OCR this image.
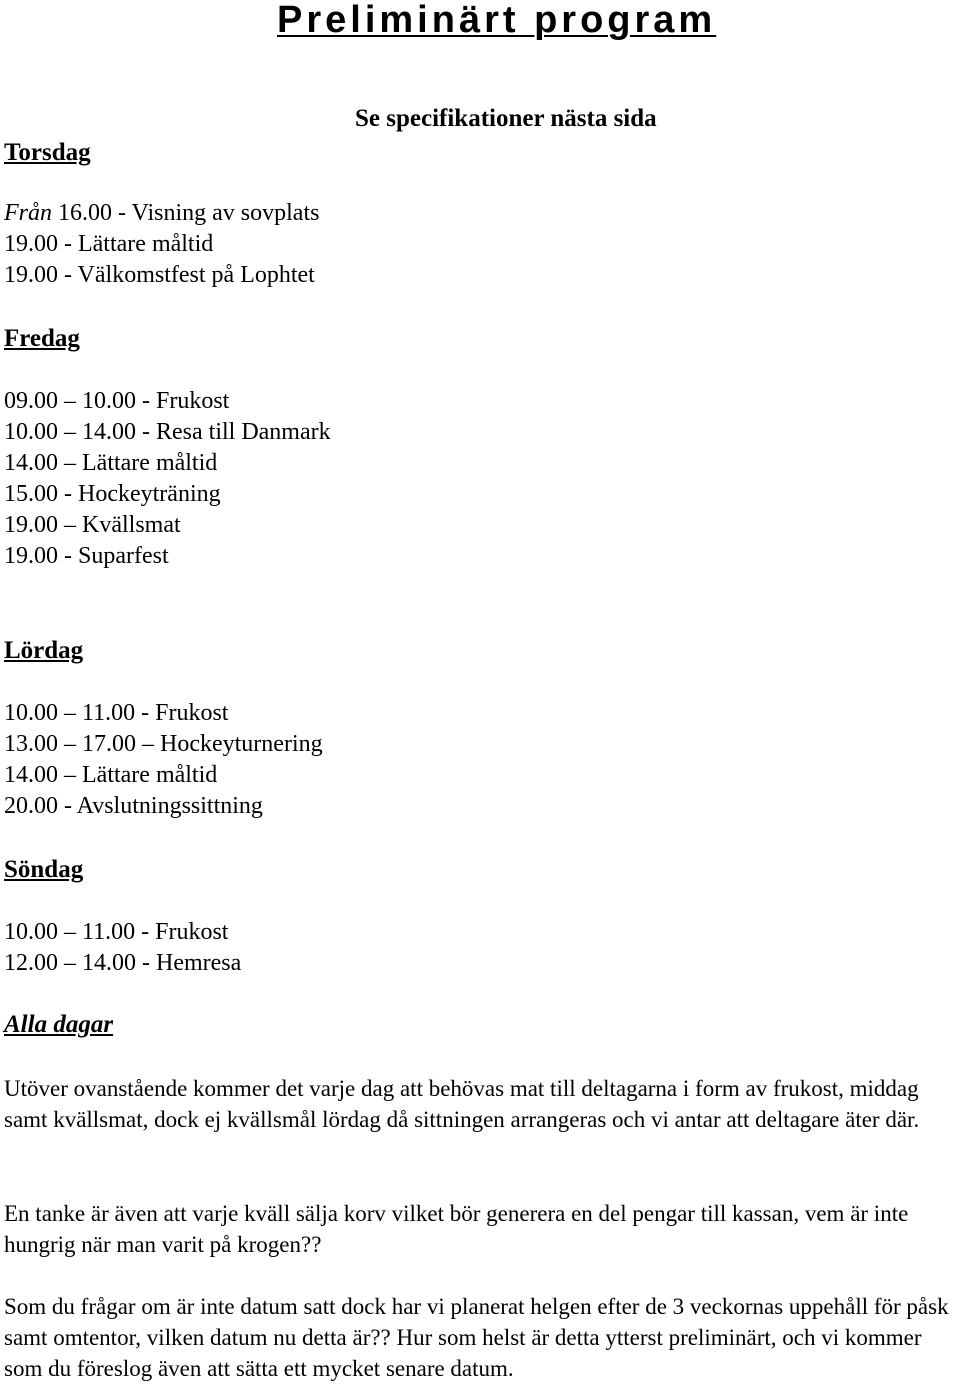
Preliminärt program
Se specifikationer nästa sida
Torsdag
Från 16.00 - Visning av sovplats
19.00 - Lättare måltid
19.00 - Välkomstfest på Lophtet
Fredag
09.00 – 10.00 - Frukost
10.00 – 14.00 - Resa till Danmark
14.00 – Lättare måltid
15.00 - Hockeyträning
19.00 – Kvällsmat
19.00 - Suparfest
Lördag
10.00 – 11.00 - Frukost
13.00 – 17.00 – Hockeyturnering
14.00 – Lättare måltid
20.00 - Avslutningssittning
Söndag
10.00 – 11.00 - Frukost
12.00 – 14.00 - Hemresa
Alla dagar

Utöver ovanstående kommer det varje dag att behövas mat till deltagarna i form av frukost, middag samt kvällsmat, dock ej kvällsmål lördag då sittningen arrangeras och vi antar att deltagare äter där.

En tanke är även att varje kväll sälja korv vilket bör generera en del pengar till kassan, vem är inte hungrig när man varit på krogen??

Som du frågar om är inte datum satt dock har vi planerat helgen efter de 3 veckornas uppehåll för påsk samt omtentor, vilken datum nu detta är?? Hur som helst är detta ytterst preliminärt, och vi kommer som du föreslog även att sätta ett mycket senare datum.
